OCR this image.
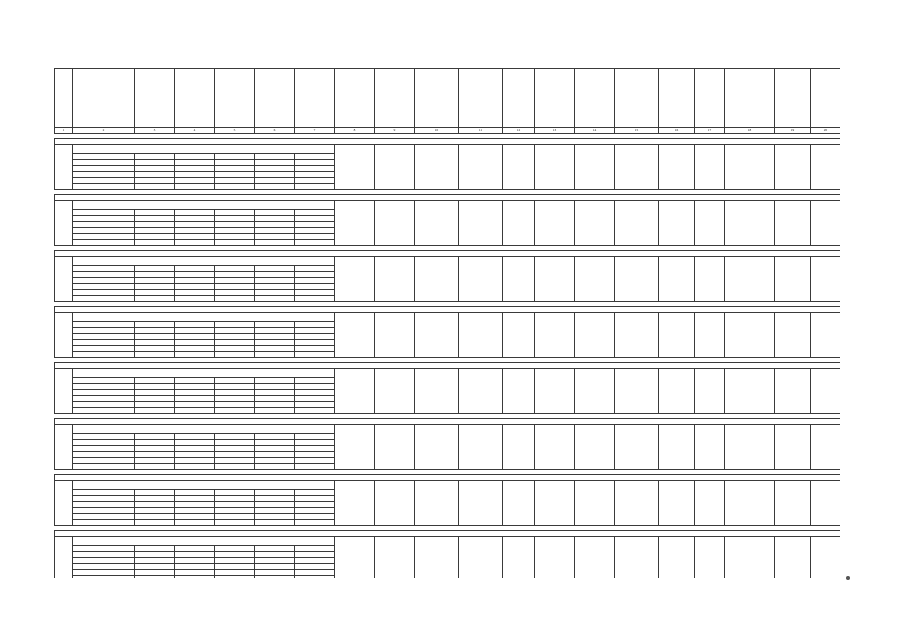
1	2	3	4	5	6	7	8	9	10	11	12	13	14	15	16	17	18	19	20
